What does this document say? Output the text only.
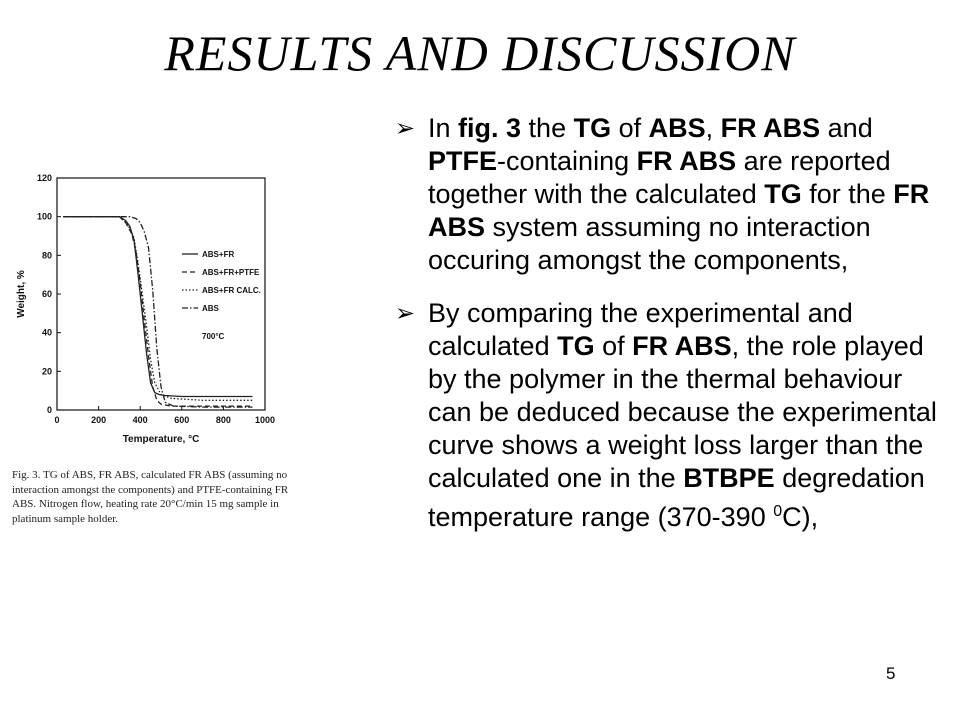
RESULTS AND DISCUSSION
0	200	400	600	800	1000
0
20
40
60
80
100
120
Temperature, °C
Weight, %
ABS+FR
ABS+FR+PTFE
ABS+FR CALC.
ABS
700°C

Fig. 3. TG of ABS, FR ABS, calculated FR ABS (assuming no interaction amongst the components) and PTFE-containing FR ABS. Nitrogen flow, heating rate 20°C/min 15 mg sample in platinum sample holder.

➢ In fig. 3 the TG of ABS, FR ABS and PTFE-containing FR ABS are reported together with the calculated TG for the FR ABS system assuming no interaction occuring amongst the components,
➢ By comparing the experimental and calculated TG of FR ABS, the role played by the polymer in the thermal behaviour can be deduced because the experimental curve shows a weight loss larger than the calculated one in the BTBPE degredation temperature range (370-390 $^0$C),
5
